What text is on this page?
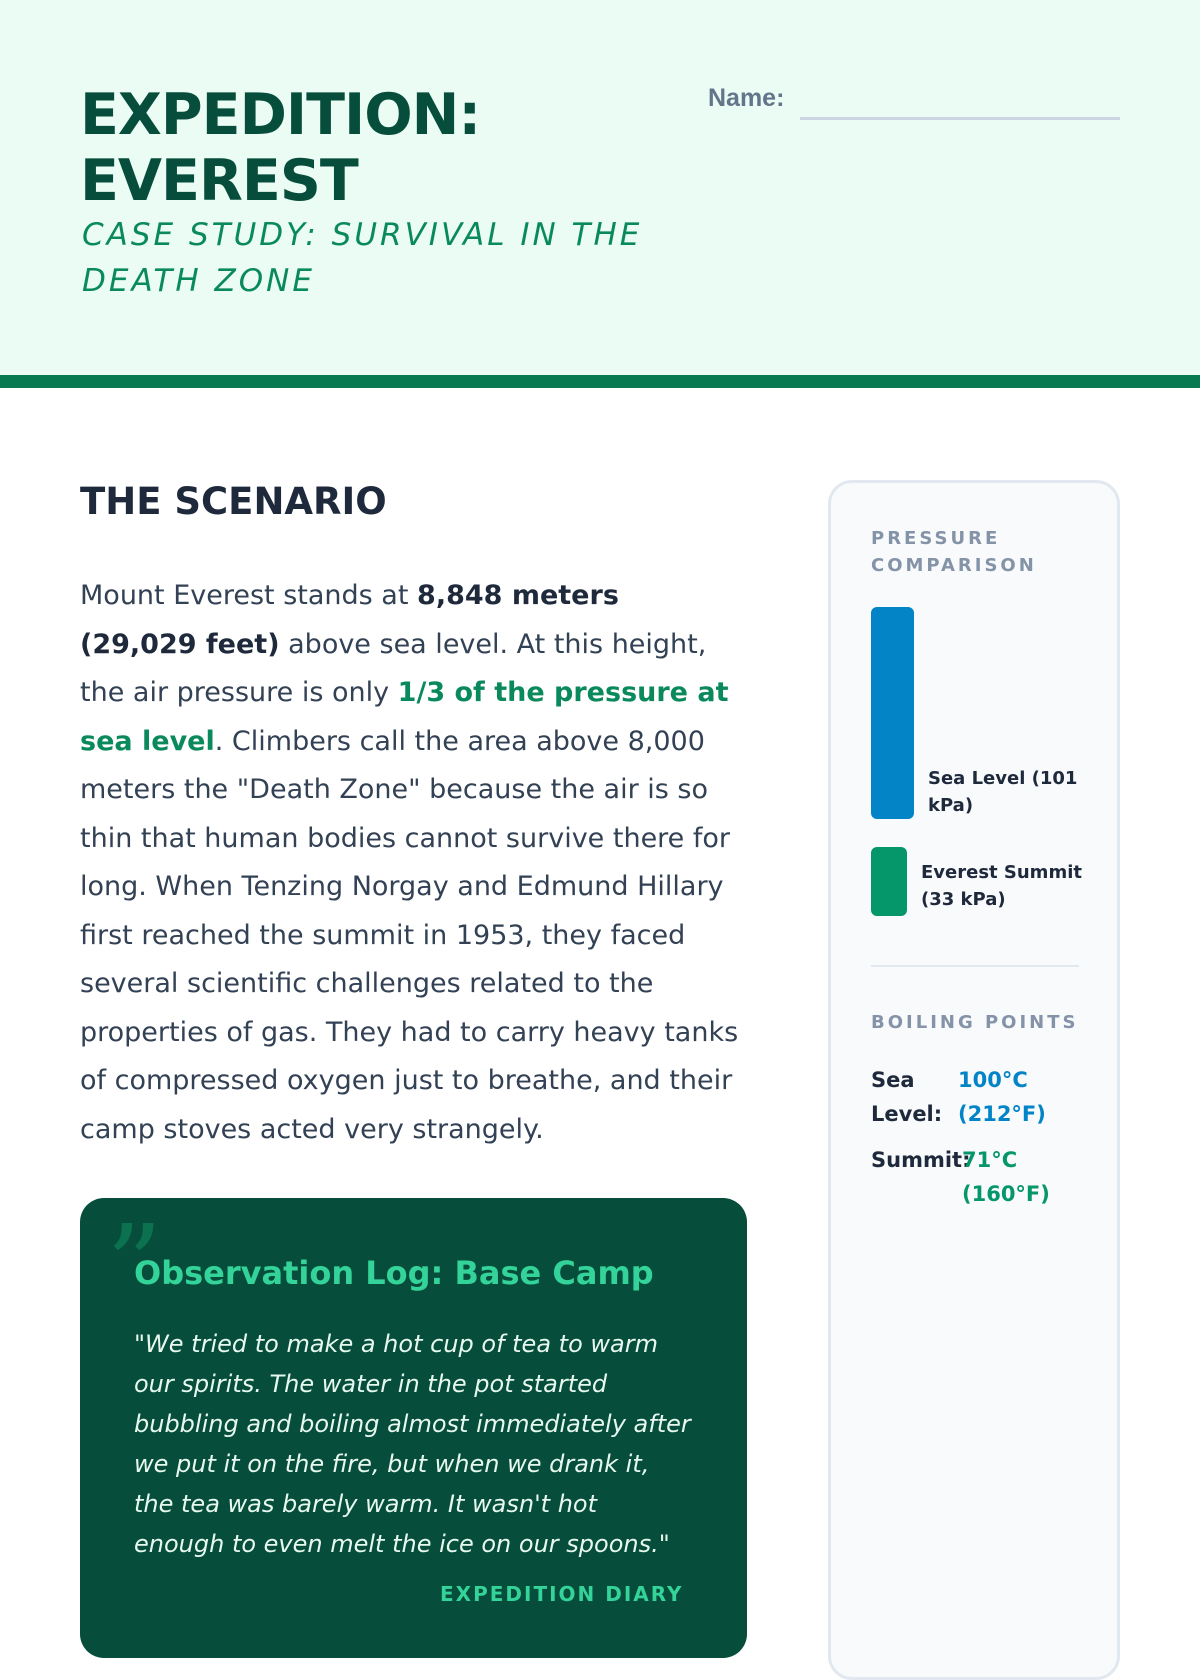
EXPEDITION: EVEREST
CASE STUDY: SURVIVAL IN THE DEATH ZONE
Name:
THE SCENARIO

Mount Everest stands at 8,848 meters (29,029 feet) above sea level. At this height, the air pressure is only 1/3 of the pressure at sea level. Climbers call the area above 8,000 meters the "Death Zone" because the air is so thin that human bodies cannot survive there for long. When Tenzing Norgay and Edmund Hillary first reached the summit in 1953, they faced several scientific challenges related to the properties of gas. They had to carry heavy tanks of compressed oxygen just to breathe, and their camp stoves acted very strangely.

”
Observation Log: Base Camp

"We tried to make a hot cup of tea to warm our spirits. The water in the pot started bubbling and boiling almost immediately after we put it on the fire, but when we drank it, the tea was barely warm. It wasn't hot enough to even melt the ice on our spoons."

EXPEDITION DIARY
PRESSURE COMPARISON
Sea Level (101 kPa)
Everest Summit (33 kPa)
BOILING POINTS
Sea Level:
100°C
(212°F)
Summit:
71°C
(160°F)
